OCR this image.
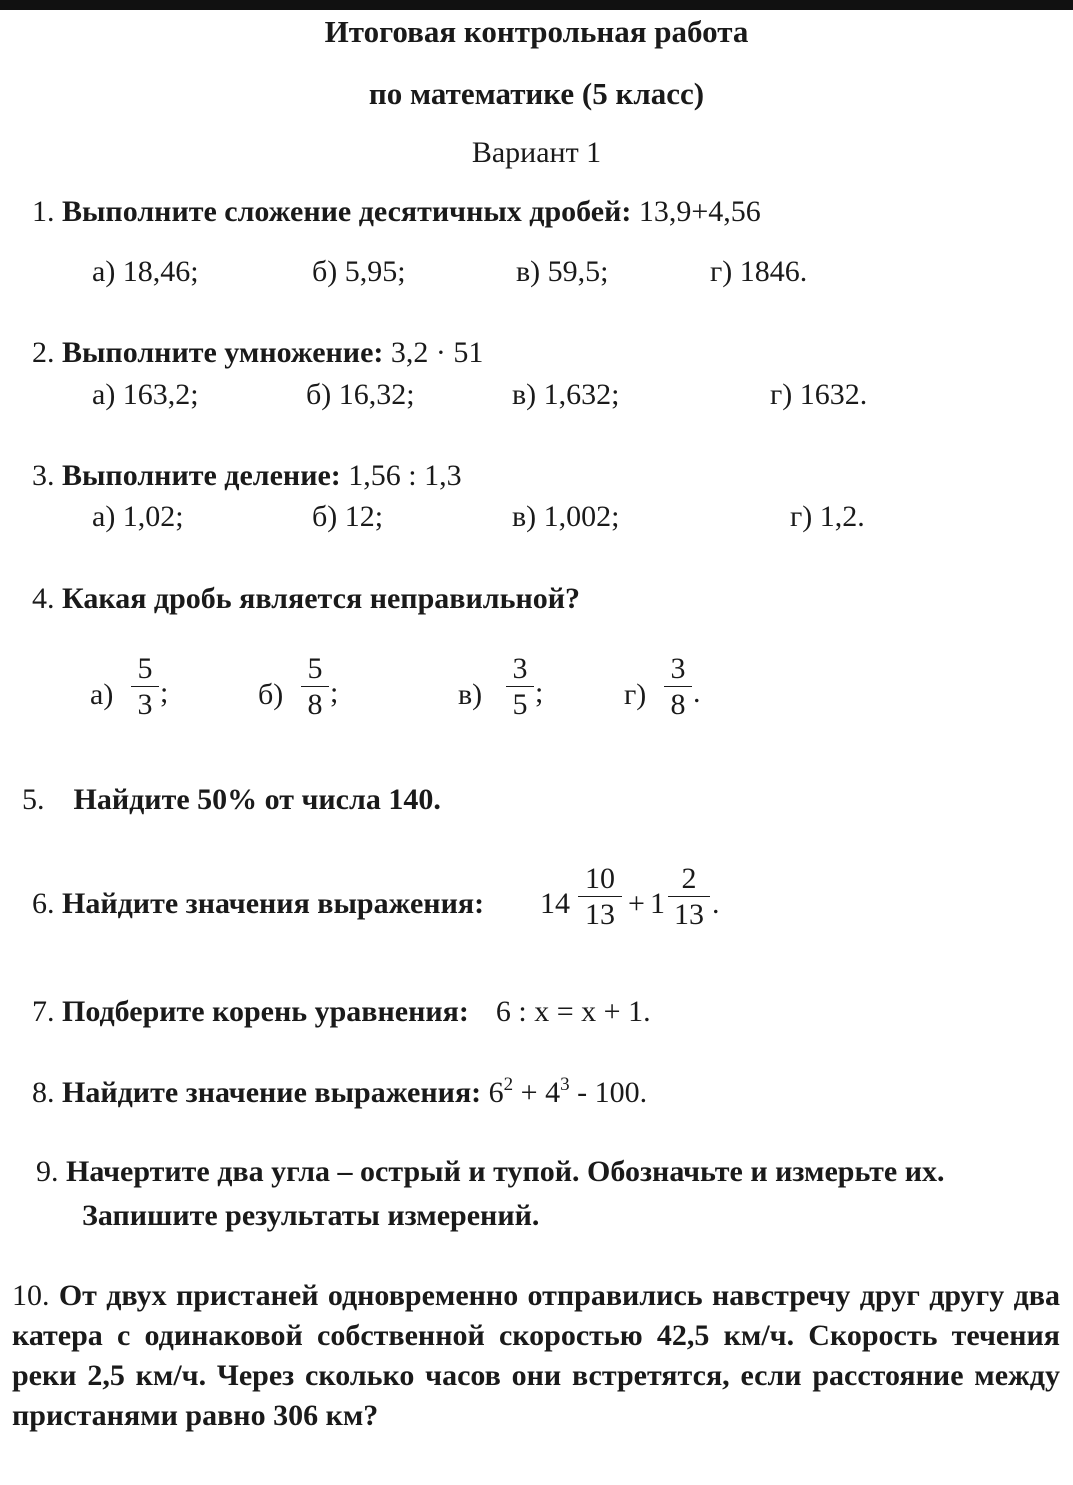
Итоговая контрольная работа
по математике (5 класс)
Вариант 1
1. Выполните сложение десятичных дробей: 13,9+4,56
а) 18,46;	б) 5,95;	в) 59,5;	г) 1846.
2. Выполните умножение: 3,2 · 51
а) 163,2;	б) 16,32;	в) 1,632;	г) 1632.
3. Выполните деление: 1,56 : 1,3
а) 1,02;	б) 12;	в) 1,002;	г) 1,2.
4. Какая дробь является неправильной?
а)
5
3 ;	б)
5
8 ;	в)
3
5 ;	г)
3
8 .
5. Найдите 50% от числа 140.
6. Найдите значения выражения: 14
10
13 + 1
2
13 .
7. Подберите корень уравнения: 6 : x = x + 1.
8. Найдите значение выражения: $6^2 + 4^3 - 100$.
9. Начертите два угла – острый и тупой. Обозначьте и измерьте их.
Запишите результаты измерений.
10. От двух пристаней одновременно отправились навстречу друг другу два катера с одинаковой собственной скоростью 42,5 км/ч. Скорость течения реки 2,5 км/ч. Через сколько часов они встретятся, если расстояние между пристанями равно 306 км?
